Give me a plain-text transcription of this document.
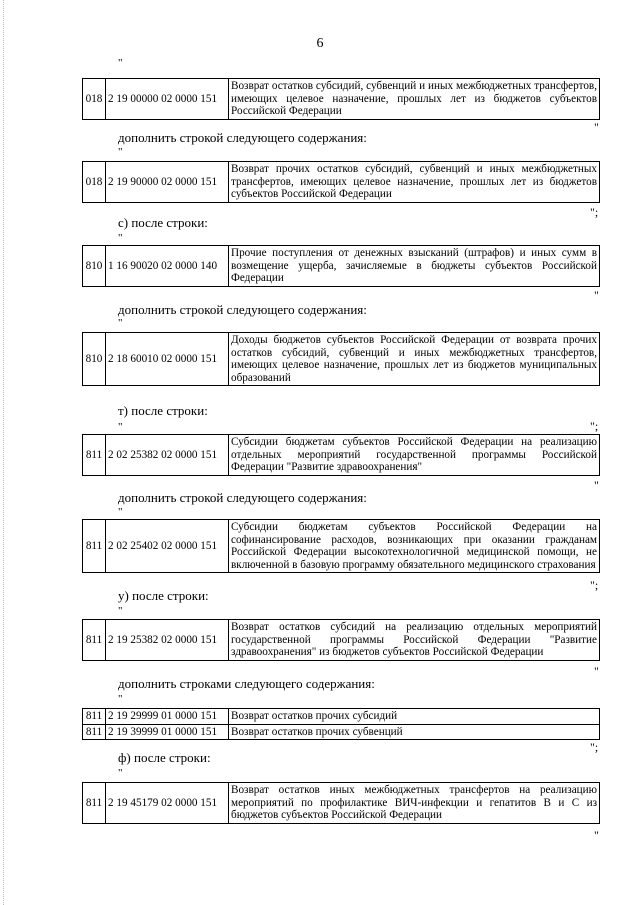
6
"
018	2 19 00000 02 0000 151	Возврат остатков субсидий, субвенций и иных межбюджетных трансфертов, имеющих целевое назначение, прошлых лет из бюджетов субъектов Российской Федерации
"
дополнить строкой следующего содержания:
"
018	2 19 90000 02 0000 151	Возврат прочих остатков субсидий, субвенций и иных межбюджетных трансфертов, имеющих целевое назначение, прошлых лет из бюджетов субъектов Российской Федерации
";
с) после строки:
"
810	1 16 90020 02 0000 140	Прочие поступления от денежных взысканий (штрафов) и иных сумм в возмещение ущерба, зачисляемые в бюджеты субъектов Российской Федерации
"
дополнить строкой следующего содержания:
"
810	2 18 60010 02 0000 151	Доходы бюджетов субъектов Российской Федерации от возврата прочих остатков субсидий, субвенций и иных межбюджетных трансфертов, имеющих целевое назначение, прошлых лет из бюджетов муниципальных образований
";
т) после строки:
"
811	2 02 25382 02 0000 151	Субсидии бюджетам субъектов Российской Федерации на реализацию отдельных мероприятий государственной программы Российской Федерации "Развитие здравоохранения"
"
дополнить строкой следующего содержания:
"
811	2 02 25402 02 0000 151	Субсидии бюджетам субъектов Российской Федерации на софинансирование расходов, возникающих при оказании гражданам Российской Федерации высокотехнологичной медицинской помощи, не включенной в базовую программу обязательного медицинского страхования
";
у) после строки:
"
811	2 19 25382 02 0000 151	Возврат остатков субсидий на реализацию отдельных мероприятий государственной программы Российской Федерации "Развитие здравоохранения" из бюджетов субъектов Российской Федерации
"
дополнить строками следующего содержания:
"
811	2 19 29999 01 0000 151	Возврат остатков прочих субсидий
811	2 19 39999 01 0000 151	Возврат остатков прочих субвенций
";
ф) после строки:
"
811	2 19 45179 02 0000 151	Возврат остатков иных межбюджетных трансфертов на реализацию мероприятий по профилактике ВИЧ-инфекции и гепатитов В и С из бюджетов субъектов Российской Федерации
"
